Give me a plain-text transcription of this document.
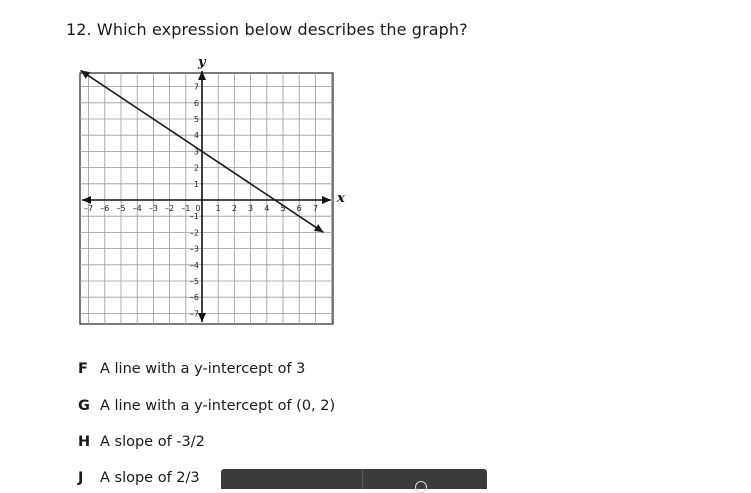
12. Which expression below describes the graph?
x
y
–7 –6 –5 –4 –3 –2 –1 0 1 2 3 4 5 6 7
7
6
5
4
3
2
1
–1
–2
–3
–4
–5
–6
–7
F A line with a y-intercept of 3
G A line with a y-intercept of (0, 2)
H A slope of -3/2
J A slope of 2/3
